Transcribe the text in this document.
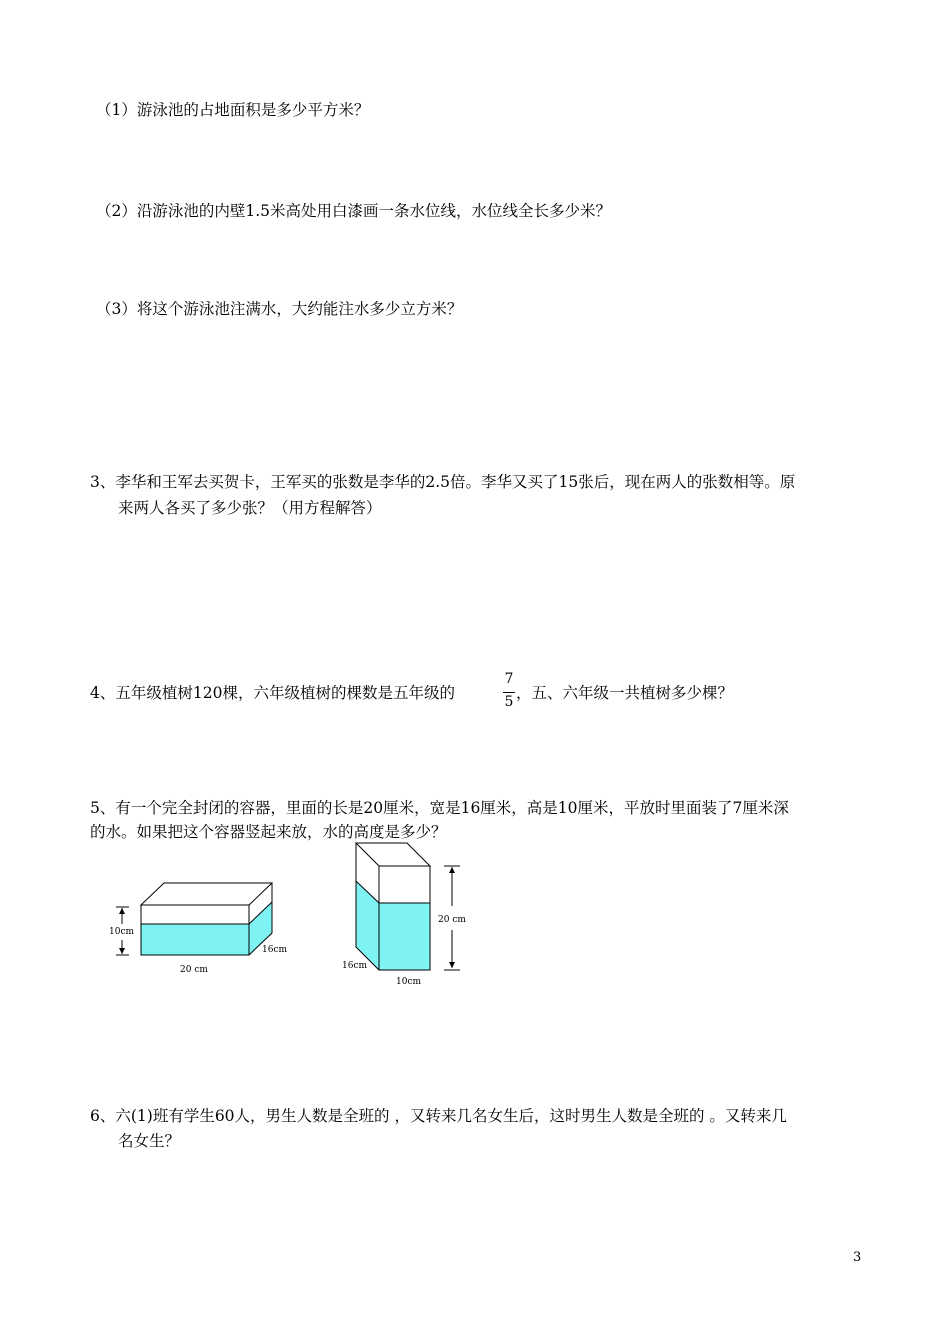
（1）游泳池的占地面积是多少平方米？
（2）沿游泳池的内壁1.5米高处用白漆画一条水位线，水位线全长多少米？
（3）将这个游泳池注满水，大约能注水多少立方米？
3、李华和王军去买贺卡，王军买的张数是李华的2.5倍。李华又买了15张后，现在两人的张数相等。原
来两人各买了多少张？（用方程解答）
4、五年级植树120棵，六年级植树的棵数是五年级的
7
5 ，五、六年级一共植树多少棵？
5、有一个完全封闭的容器，里面的长是20厘米，宽是16厘米，高是10厘米，平放时里面装了7厘米深
的水。如果把这个容器竖起来放，水的高度是多少？
10cm
16cm
20 cm
20 cm
16cm
10cm
6、六(1)班有学生60人，男生人数是全班的 ，又转来几名女生后，这时男生人数是全班的 。又转来几
名女生？
3
